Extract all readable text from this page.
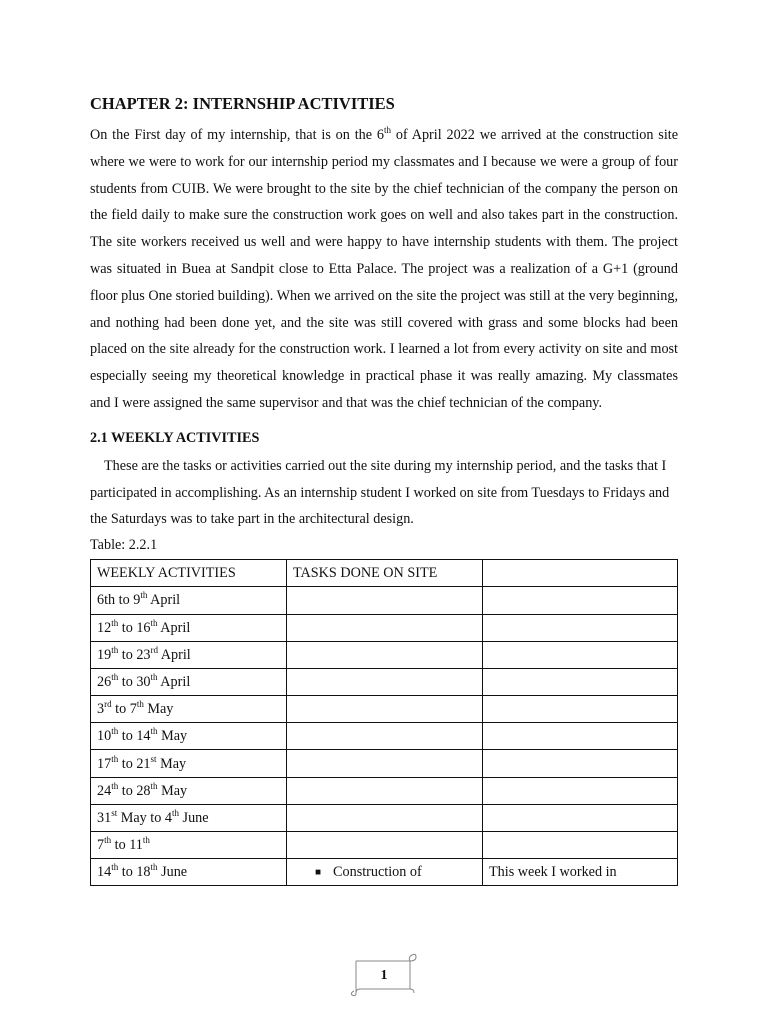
CHAPTER 2: INTERNSHIP ACTIVITIES

On the First day of my internship, that is on the 6th of April 2022 we arrived at the construction site where we were to work for our internship period my classmates and I because we were a group of four students from CUIB. We were brought to the site by the chief technician of the company the person on the field daily to make sure the construction work goes on well and also takes part in the construction. The site workers received us well and were happy to have internship students with them. The project was situated in Buea at Sandpit close to Etta Palace. The project was a realization of a G+1 (ground floor plus One storied building). When we arrived on the site the project was still at the very beginning, and nothing had been done yet, and the site was still covered with grass and some blocks had been placed on the site already for the construction work. I learned a lot from every activity on site and most especially seeing my theoretical knowledge in practical phase it was really amazing. My classmates and I were assigned the same supervisor and that was the chief technician of the company.

2.1 WEEKLY ACTIVITIES

These are the tasks or activities carried out the site during my internship period, and the tasks that I participated in accomplishing. As an internship student I worked on site from Tuesdays to Fridays and the Saturdays was to take part in the architectural design.

Table: 2.2.1
WEEKLY ACTIVITIES	TASKS DONE ON SITE	
6th to 9th April		
12th to 16th April		
19th to 23rd April		
26th to 30th April		
3rd to 7th May		
10th to 14th May		
17th to 21st May		
24th to 28th May		
31st May to 4th June		
7th to 11th		
14th to 18th June	■ Construction of	This week I worked in
1
